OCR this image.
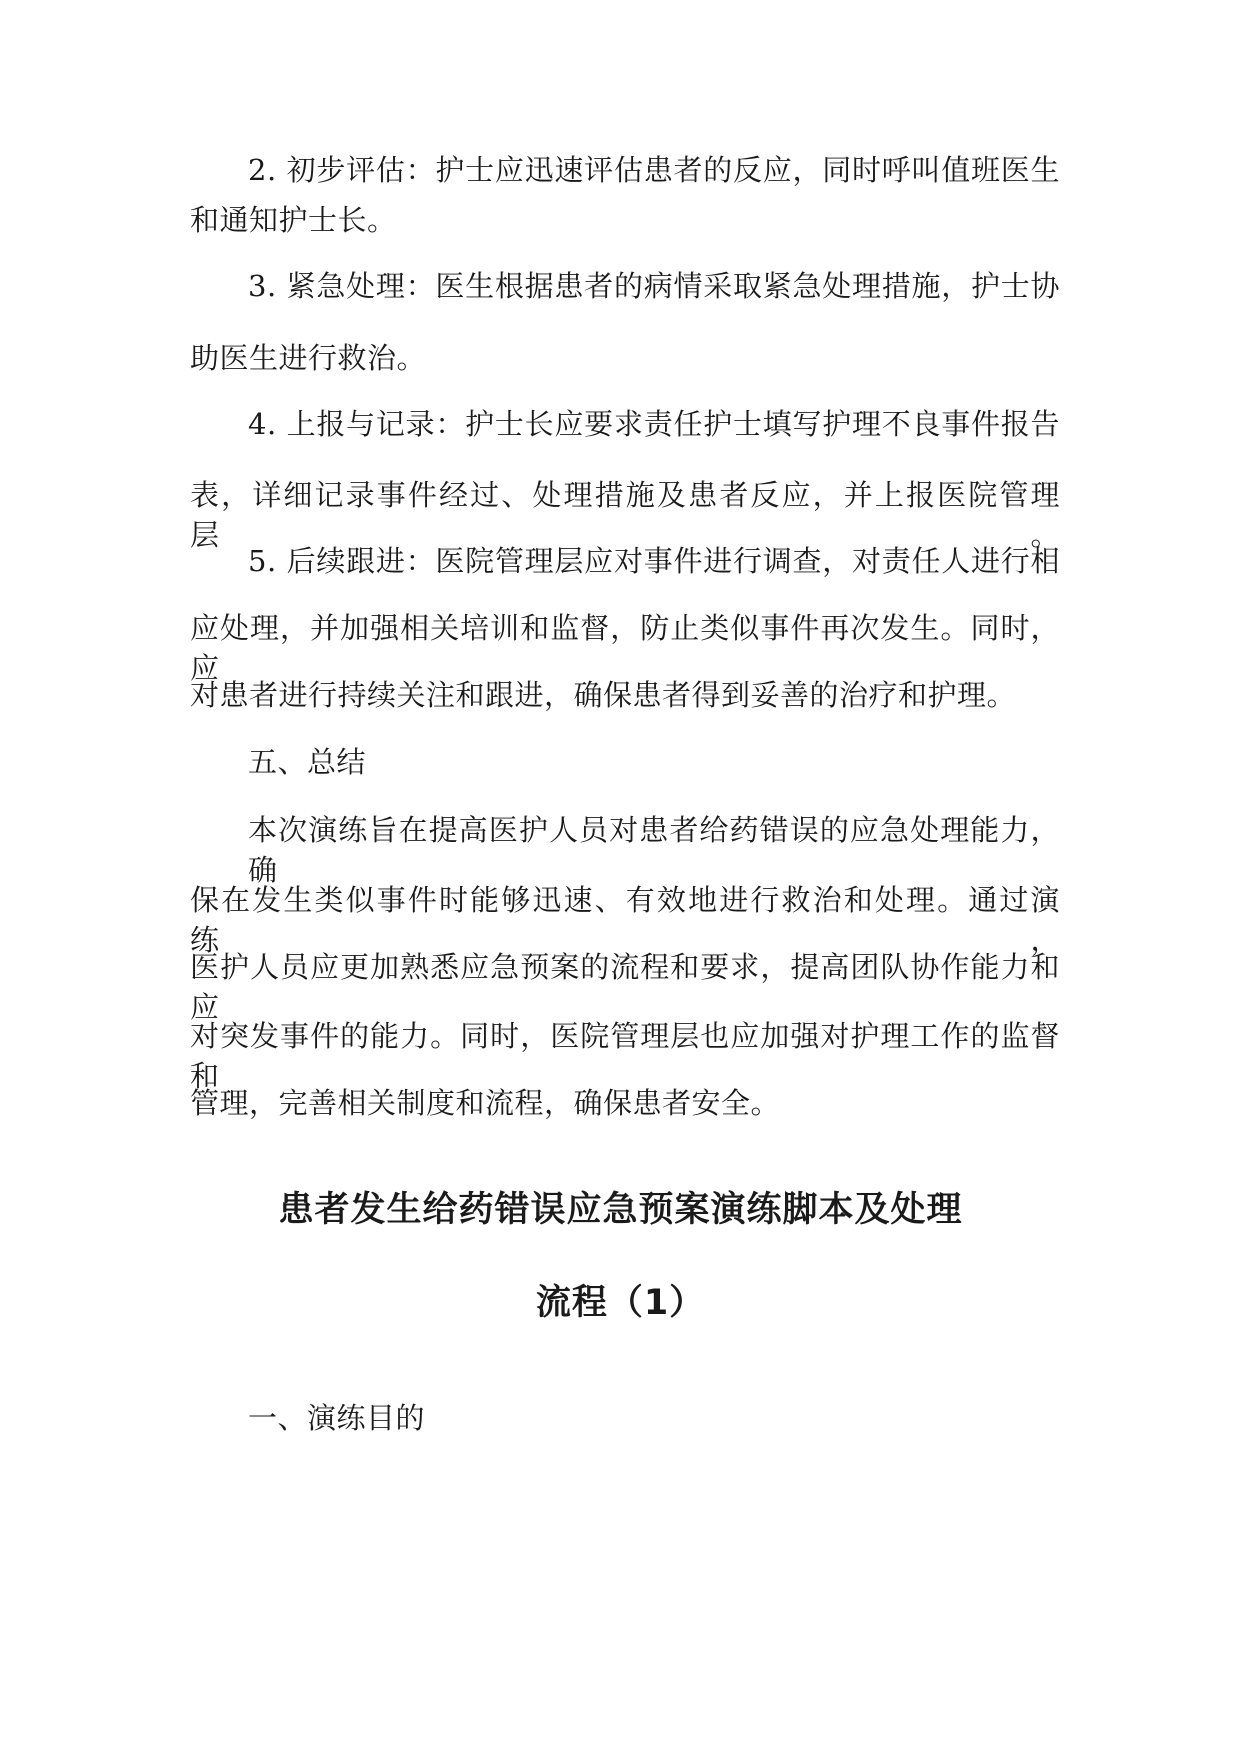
2. 初步评估：护士应迅速评估患者的反应，同时呼叫值班医生
和通知护士长。
3. 紧急处理：医生根据患者的病情采取紧急处理措施，护士协
助医生进行救治。
4. 上报与记录：护士长应要求责任护士填写护理不良事件报告
表，详细记录事件经过、处理措施及患者反应，并上报医院管理层。
5. 后续跟进：医院管理层应对事件进行调查，对责任人进行相
应处理，并加强相关培训和监督，防止类似事件再次发生。同时，应
对患者进行持续关注和跟进，确保患者得到妥善的治疗和护理。
五、总结
本次演练旨在提高医护人员对患者给药错误的应急处理能力，确
保在发生类似事件时能够迅速、有效地进行救治和处理。通过演练，
医护人员应更加熟悉应急预案的流程和要求，提高团队协作能力和应
对突发事件的能力。同时，医院管理层也应加强对护理工作的监督和
管理，完善相关制度和流程，确保患者安全。
患者发生给药错误应急预案演练脚本及处理
流程（1）
一、演练目的
